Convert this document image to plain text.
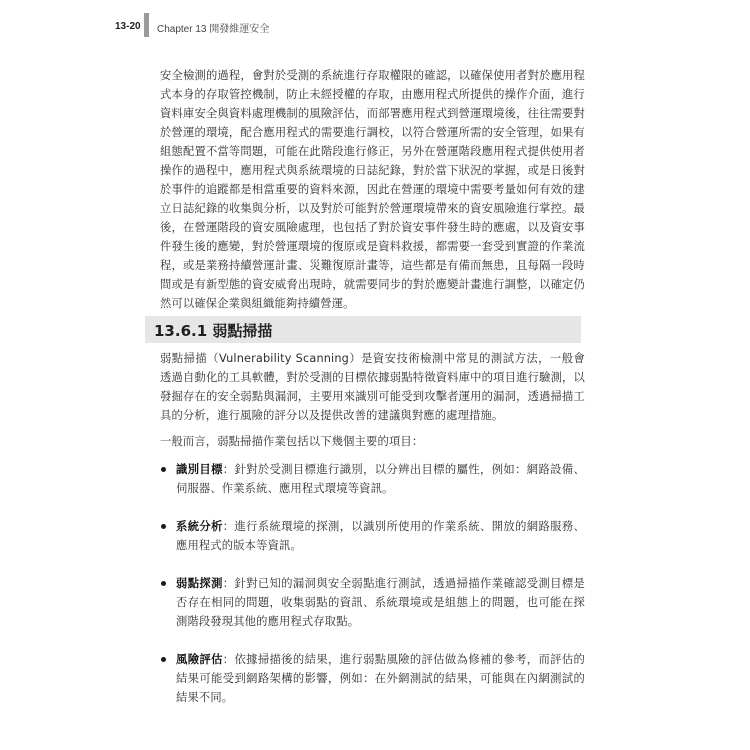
13-20 Chapter 13 開發維運安全

安全檢測的過程，會對於受測的系統進行存取權限的確認，以確保使用者對於應用程式本身的存取管控機制，防止未經授權的存取，由應用程式所提供的操作介面，進行資料庫安全與資料處理機制的風險評估，而部署應用程式到營運環境後，往往需要對於營運的環境，配合應用程式的需要進行調校，以符合營運所需的安全管理，如果有組態配置不當等問題，可能在此階段進行修正，另外在營運階段應用程式提供使用者操作的過程中，應用程式與系統環境的日誌紀錄，對於當下狀況的掌握，或是日後對於事件的追蹤都是相當重要的資料來源，因此在營運的環境中需要考量如何有效的建立日誌紀錄的收集與分析，以及對於可能對於營運環境帶來的資安風險進行掌控。最後，在營運階段的資安風險處理，也包括了對於資安事件發生時的應處，以及資安事件發生後的應變，對於營運環境的復原或是資料救援，都需要一套受到實證的作業流程，或是業務持續營運計畫、災難復原計畫等，這些都是有備而無患，且每隔一段時間或是有新型態的資安威脅出現時，就需要同步的對於應變計畫進行調整，以確定仍然可以確保企業與組織能夠持續營運。

13.6.1 弱點掃描

弱點掃描（Vulnerability Scanning）是資安技術檢測中常見的測試方法，一般會透過自動化的工具軟體，對於受測的目標依據弱點特徵資料庫中的項目進行驗測，以發掘存在的安全弱點與漏洞，主要用來識別可能受到攻擊者運用的漏洞，透過掃描工具的分析，進行風險的評分以及提供改善的建議與對應的處理措施。

一般而言，弱點掃描作業包括以下幾個主要的項目：

識別目標：針對於受測目標進行識別，以分辨出目標的屬性，例如：網路設備、伺服器、作業系統、應用程式環境等資訊。
系統分析：進行系統環境的探測，以識別所使用的作業系統、開放的網路服務、應用程式的版本等資訊。
弱點探測：針對已知的漏洞與安全弱點進行測試，透過掃描作業確認受測目標是否存在相同的問題，收集弱點的資訊、系統環境或是組態上的問題，也可能在探測階段發現其他的應用程式存取點。
風險評估：依據掃描後的結果，進行弱點風險的評估做為修補的參考，而評估的結果可能受到網路架構的影響，例如：在外網測試的結果，可能與在內網測試的結果不同。
